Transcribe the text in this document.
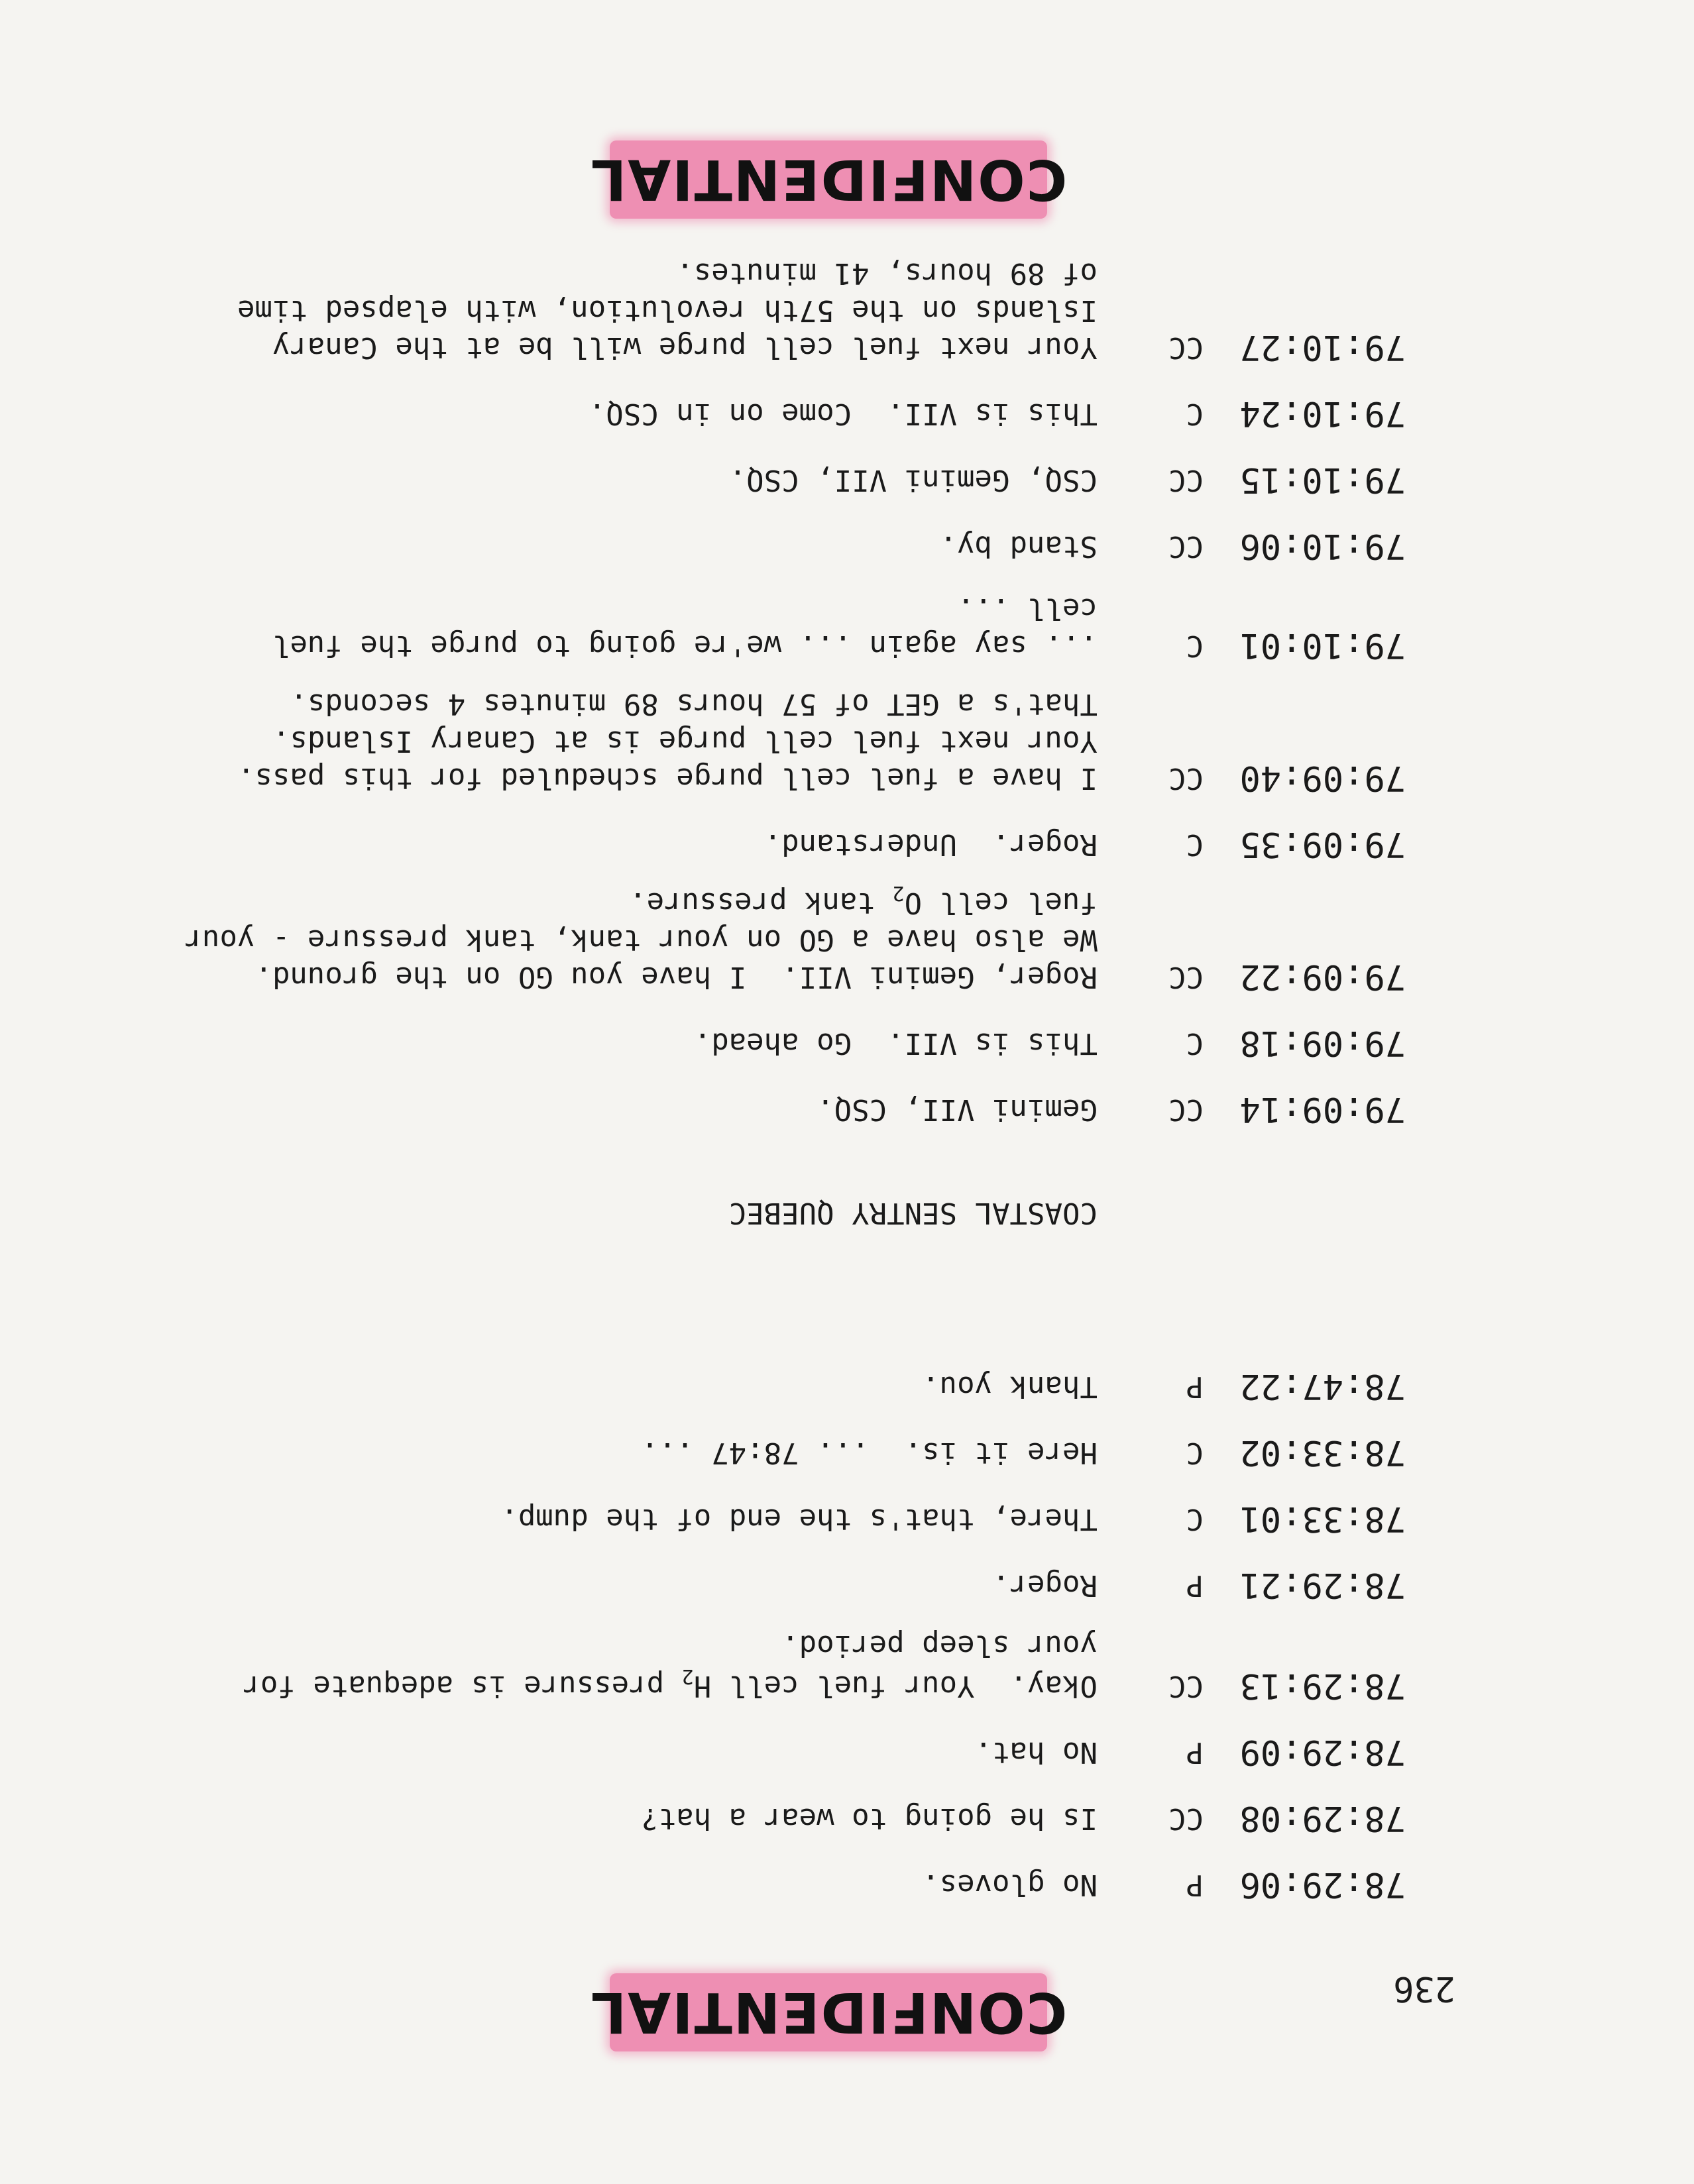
236
CONFIDENTIAL
78:29:06
P
No gloves.
78:29:08
CC
Is he going to wear a hat?
78:29:09
P
No hat.
78:29:13
CC
Okay.  Your fuel cell $H_2$ pressure is adequate for
your sleep period.
78:29:21
P
Roger.
78:33:01
C
There, that's the end of the dump.
78:33:02
C
Here it is.  ... 78:47 ...
78:47:22
P
Thank you.
COASTAL SENTRY QUEBEC
79:09:14
CC
Gemini VII, CSQ.
79:09:18
C
This is VII.  Go ahead.
79:09:22
CC
Roger, Gemini VII.  I have you GO on the ground.
We also have a GO on your tank, tank pressure - your
fuel cell $O_2$ tank pressure.
79:09:35
C
Roger.  Understand.
79:09:40
CC
I have a fuel cell purge scheduled for this pass.
Your next fuel cell purge is at Canary Islands.
That's a GET of 57 hours 89 minutes 4 seconds.
79:10:01
C
... say again ... we're going to purge the fuel
cell ...
79:10:06
CC
Stand by.
79:10:15
CC
CSQ, Gemini VII, CSQ.
79:10:24
C
This is VII.  Come on in CSQ.
79:10:27
CC
Your next fuel cell purge will be at the Canary
Islands on the 57th revolution, with elapsed time
of 89 hours, 41 minutes.
CONFIDENTIAL
